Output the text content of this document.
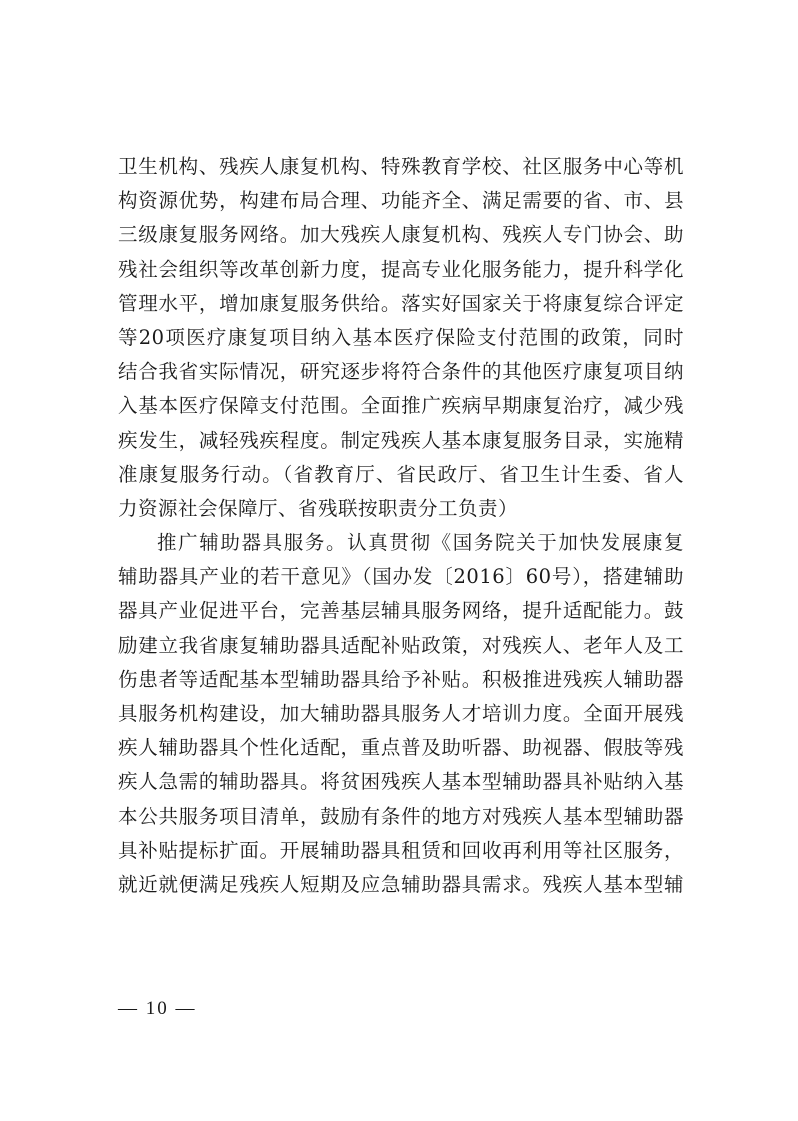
卫生机构、残疾人康复机构、特殊教育学校、社区服务中心等机
构资源优势，构建布局合理、功能齐全、满足需要的省、市、县
三级康复服务网络。加大残疾人康复机构、残疾人专门协会、助
残社会组织等改革创新力度，提高专业化服务能力，提升科学化
管理水平，增加康复服务供给。落实好国家关于将康复综合评定
等20项医疗康复项目纳入基本医疗保险支付范围的政策，同时
结合我省实际情况，研究逐步将符合条件的其他医疗康复项目纳
入基本医疗保障支付范围。全面推广疾病早期康复治疗，减少残
疾发生，减轻残疾程度。制定残疾人基本康复服务目录，实施精
准康复服务行动。（省教育厅、省民政厅、省卫生计生委、省人
力资源社会保障厅、省残联按职责分工负责）
推广辅助器具服务。认真贯彻《国务院关于加快发展康复
辅助器具产业的若干意见》（国办发〔2016〕60号），搭建辅助
器具产业促进平台，完善基层辅具服务网络，提升适配能力。鼓
励建立我省康复辅助器具适配补贴政策，对残疾人、老年人及工
伤患者等适配基本型辅助器具给予补贴。积极推进残疾人辅助器
具服务机构建设，加大辅助器具服务人才培训力度。全面开展残
疾人辅助器具个性化适配，重点普及助听器、助视器、假肢等残
疾人急需的辅助器具。将贫困残疾人基本型辅助器具补贴纳入基
本公共服务项目清单，鼓励有条件的地方对残疾人基本型辅助器
具补贴提标扩面。开展辅助器具租赁和回收再利用等社区服务，
就近就便满足残疾人短期及应急辅助器具需求。残疾人基本型辅
— 10 —
